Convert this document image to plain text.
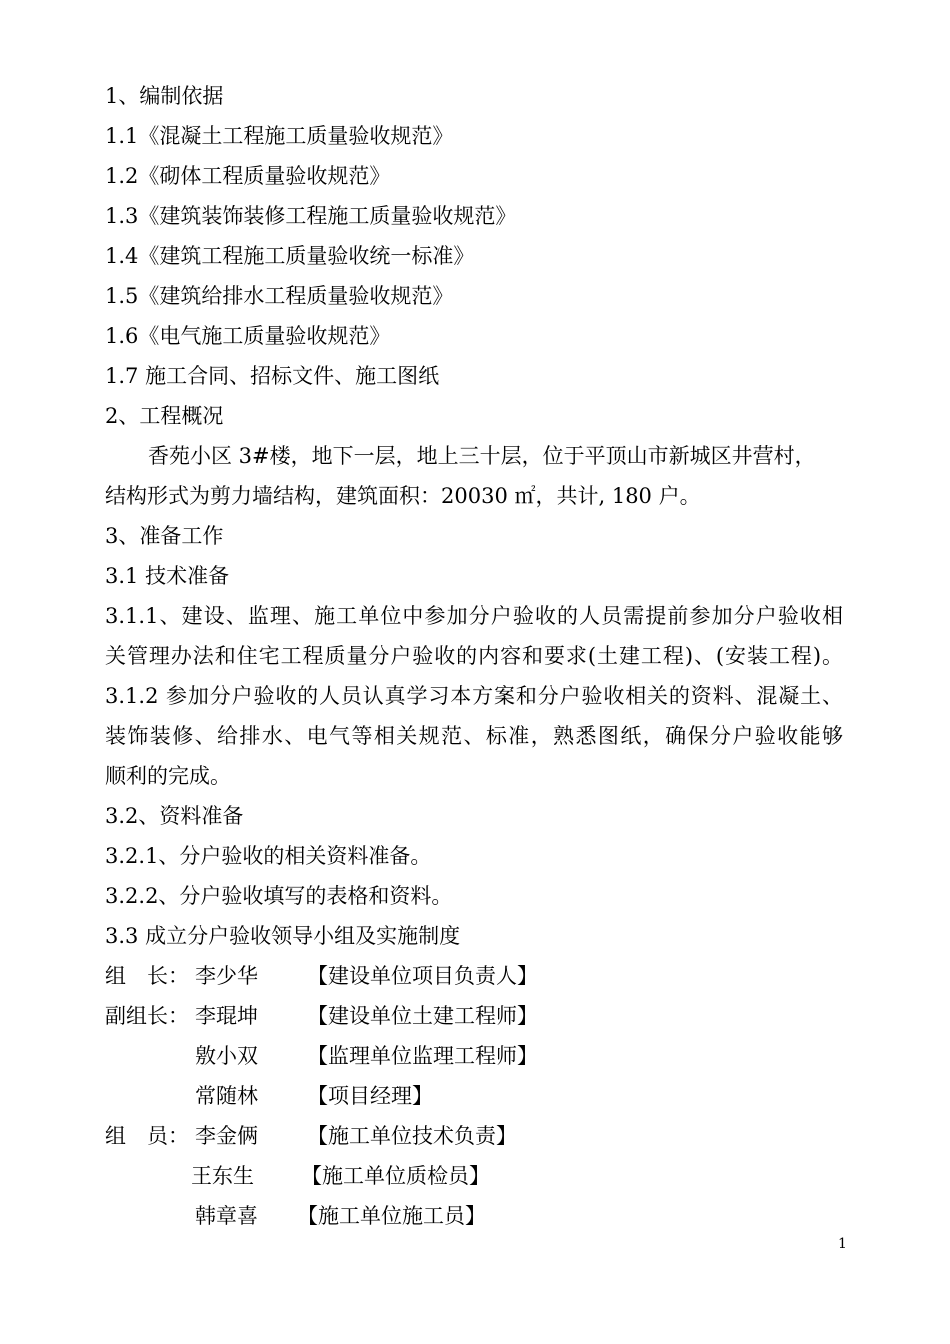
1、编制依据
1.1《混凝土工程施工质量验收规范》
1.2《砌体工程质量验收规范》
1.3《建筑装饰装修工程施工质量验收规范》
1.4《建筑工程施工质量验收统一标准》
1.5《建筑给排水工程质量验收规范》
1.6《电气施工质量验收规范》
1.7 施工合同、招标文件、施工图纸
2、工程概况
香苑小区 3#楼，地下一层，地上三十层，位于平顶山市新城区井营村，
结构形式为剪力墙结构，建筑面积：20030 ㎡，共计, 180 户。
3、准备工作
3.1 技术准备
3.1.1、建设、监理、施工单位中参加分户验收的人员需提前参加分户验收相
关管理办法和住宅工程质量分户验收的内容和要求(土建工程)、(安装工程)。
3.1.2 参加分户验收的人员认真学习本方案和分户验收相关的资料、混凝土、
装饰装修、给排水、电气等相关规范、标准，熟悉图纸，确保分户验收能够
顺利的完成。
3.2、资料准备
3.2.1、分户验收的相关资料准备。
3.2.2、分户验收填写的表格和资料。
3.3 成立分户验收领导小组及实施制度
组　长： 李少华 【建设单位项目负责人】
副组长： 李琨坤 【建设单位土建工程师】
敫小双 【监理单位监理工程师】
常随林 【项目经理】
组　员： 李金俩 【施工单位技术负责】
王东生 【施工单位质检员】
韩章喜 【施工单位施工员】
1
